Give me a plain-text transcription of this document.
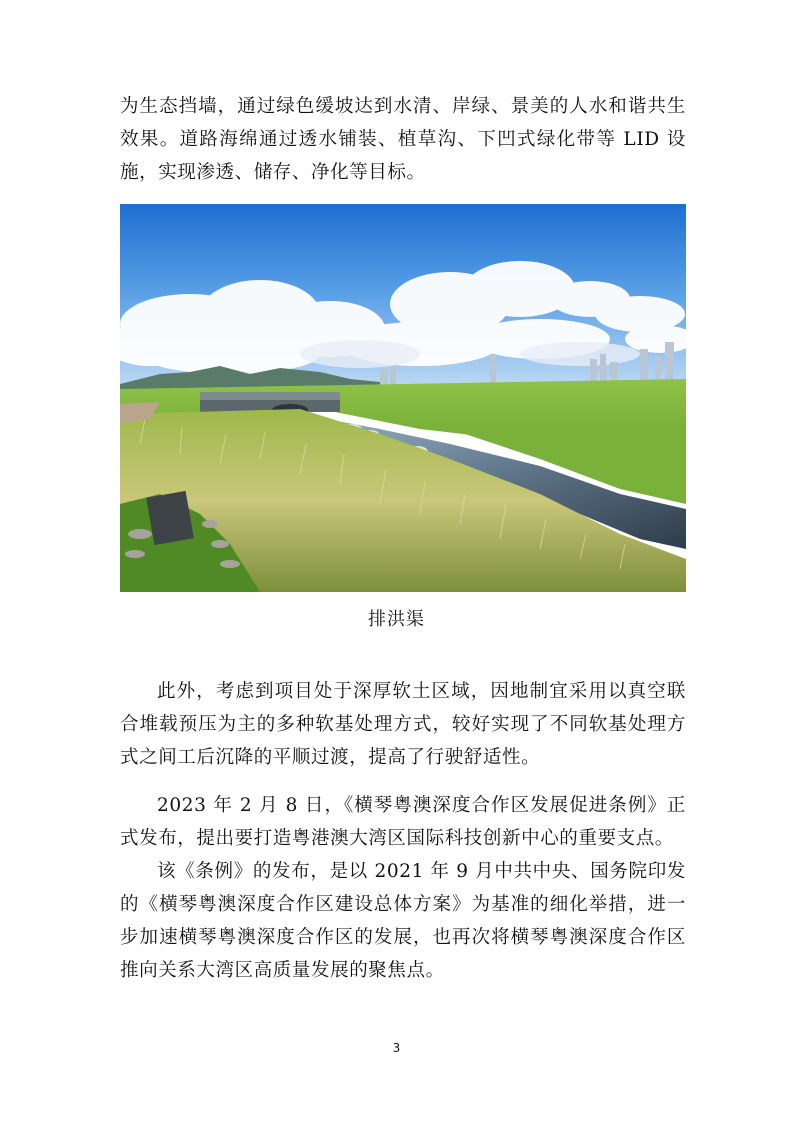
为生态挡墙，通过绿色缓坡达到水清、岸绿、景美的人水和谐共生效果。道路海绵通过透水铺装、植草沟、下凹式绿化带等 LID 设施，实现渗透、储存、净化等目标。

排洪渠

此外，考虑到项目处于深厚软土区域，因地制宜采用以真空联合堆载预压为主的多种软基处理方式，较好实现了不同软基处理方式之间工后沉降的平顺过渡，提高了行驶舒适性。

2023 年 2 月 8 日，《横琴粤澳深度合作区发展促进条例》正式发布，提出要打造粤港澳大湾区国际科技创新中心的重要支点。

该《条例》的发布，是以 2021 年 9 月中共中央、国务院印发的《横琴粤澳深度合作区建设总体方案》为基准的细化举措，进一步加速横琴粤澳深度合作区的发展，也再次将横琴粤澳深度合作区推向关系大湾区高质量发展的聚焦点。

3
